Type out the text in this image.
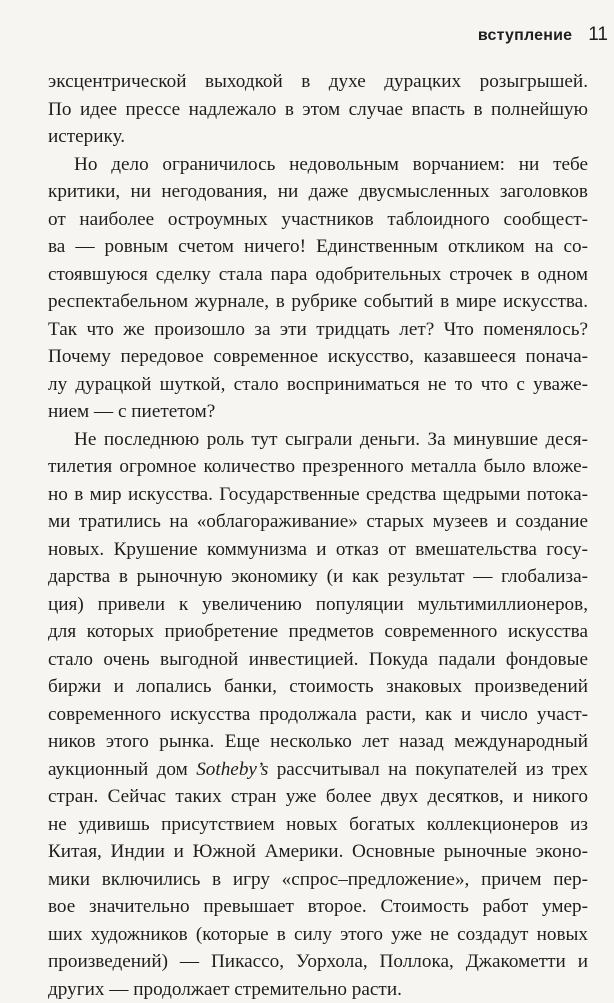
вступление 11

эксцентрической выходкой в духе дурацких розыгрышей.
По идее прессе надлежало в этом случае впасть в полнейшую
истерику.

Но дело ограничилось недовольным ворчанием: ни тебе
критики, ни негодования, ни даже двусмысленных заголовков
от наиболее остроумных участников таблоидного сообщест-
ва — ровным счетом ничего! Единственным откликом на со-
стоявшуюся сделку стала пара одобрительных строчек в одном
респектабельном журнале, в рубрике событий в мире искусства.
Так что же произошло за эти тридцать лет? Что поменялось?
Почему передовое современное искусство, казавшееся понача-
лу дурацкой шуткой, стало восприниматься не то что с уваже-
нием — с пиететом?

Не последнюю роль тут сыграли деньги. За минувшие деся-
тилетия огромное количество презренного металла было вложе-
но в мир искусства. Государственные средства щедрыми потока-
ми тратились на «облагораживание» старых музеев и создание
новых. Крушение коммунизма и отказ от вмешательства госу-
дарства в рыночную экономику (и как результат — глобализа-
ция) привели к увеличению популяции мультимиллионеров,
для которых приобретение предметов современного искусства
стало очень выгодной инвестицией. Покуда падали фондовые
биржи и лопались банки, стоимость знаковых произведений
современного искусства продолжала расти, как и число участ-
ников этого рынка. Еще несколько лет назад международный
аукционный дом Sotheby’s рассчитывал на покупателей из трех
стран. Сейчас таких стран уже более двух десятков, и никого
не удивишь присутствием новых богатых коллекционеров из
Китая, Индии и Южной Америки. Основные рыночные эконо-
мики включились в игру «спрос–предложение», причем пер-
вое значительно превышает второе. Стоимость работ умер-
ших художников (которые в силу этого уже не создадут новых
произведений) — Пикассо, Уорхола, Поллока, Джакометти и
других — продолжает стремительно расти.
